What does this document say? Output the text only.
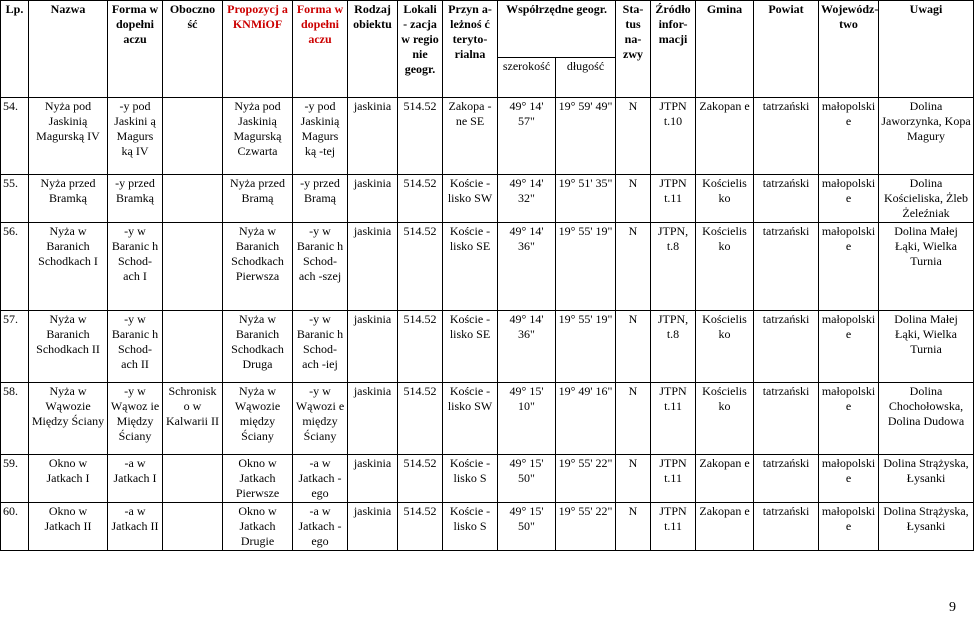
Lp.	Nazwa	Forma w dopełni aczu	Oboczno ść	Propozycj a KNMiOF	Forma w dopełni aczu	Rodzaj obiektu	Lokali - zacja w regio nie geogr.	Przyn a- leżnoś ć teryto- rialna	Współrzędne geogr.		Sta- tus na- zwy	Źródło infor- macji	Gmina	Powiat	Wojewódz- two	Uwagi
									szerokość	długość						
54.	Nyża pod Jaskinią Magurską IV	-y pod Jaskini ą Magurs ką IV		Nyża pod Jaskinią Magurską Czwarta	-y pod Jaskinią Magurs ką -tej	jaskinia	514.52	Zakopa -ne SE	49° 14' 57"	19° 59' 49"	N	JTPN t.10	Zakopan e	tatrzański	małopolski e	Dolina Jaworzynka, Kopa Magury
55.	Nyża przed Bramką	-y przed Bramką		Nyża przed Bramą	-y przed Bramą	jaskinia	514.52	Koście -lisko SW	49° 14' 32"	19° 51' 35"	N	JTPN t.11	Kościelis ko	tatrzański	małopolski e	Dolina Kościeliska, Żleb Żeleźniak
56.	Nyża w Baranich Schodkach I	-y w Baranic h Schod- ach I		Nyża w Baranich Schodkach Pierwsza	-y w Baranic h Schod- ach -szej	jaskinia	514.52	Koście -lisko SE	49° 14' 36"	19° 55' 19"	N	JTPN, t.8	Kościelis ko	tatrzański	małopolski e	Dolina Małej Łąki, Wielka Turnia
57.	Nyża w Baranich Schodkach II	-y w Baranic h Schod- ach II		Nyża w Baranich Schodkach Druga	-y w Baranic h Schod- ach -iej	jaskinia	514.52	Koście -lisko SE	49° 14' 36"	19° 55' 19"	N	JTPN, t.8	Kościelis ko	tatrzański	małopolski e	Dolina Małej Łąki, Wielka Turnia
58.	Nyża w Wąwozie Między Ściany	-y w Wąwoz ie Między Ściany	Schronisk o w Kalwarii II	Nyża w Wąwozie między Ściany	-y w Wąwozi e między Ściany	jaskinia	514.52	Koście -lisko SW	49° 15' 10"	19° 49' 16"	N	JTPN t.11	Kościelis ko	tatrzański	małopolski e	Dolina Chochołowska, Dolina Dudowa
59.	Okno w Jatkach I	-a w Jatkach I		Okno w Jatkach Pierwsze	-a w Jatkach -ego	jaskinia	514.52	Koście -lisko S	49° 15' 50"	19° 55' 22"	N	JTPN t.11	Zakopan e	tatrzański	małopolski e	Dolina Strążyska, Łysanki
60.	Okno w Jatkach II	-a w Jatkach II		Okno w Jatkach Drugie	-a w Jatkach -ego	jaskinia	514.52	Koście -lisko S	49° 15' 50"	19° 55' 22"	N	JTPN t.11	Zakopan e	tatrzański	małopolski e	Dolina Strążyska, Łysanki
9
